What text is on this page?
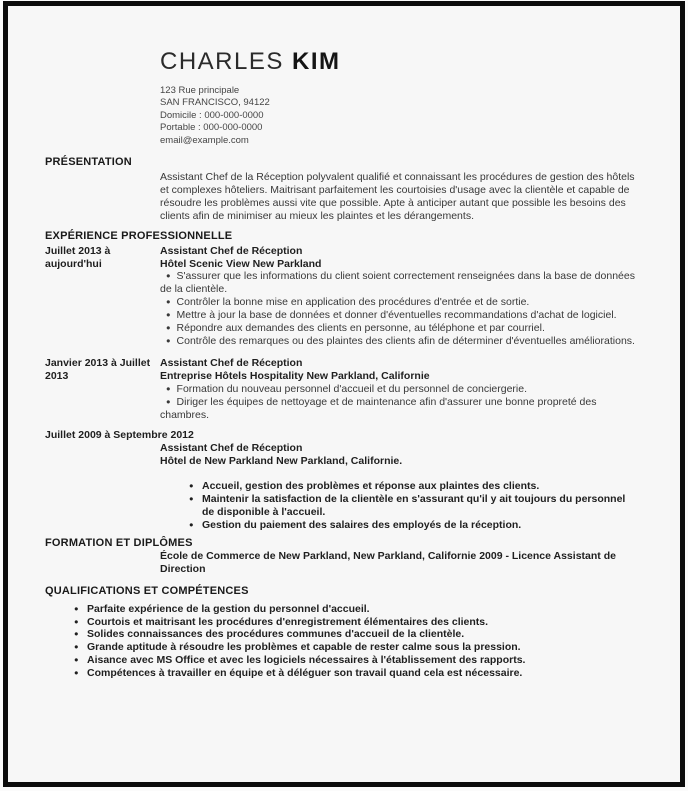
CHARLES KIM
123 Rue principale
SAN FRANCISCO, 94122
Domicile : 000-000-0000
Portable : 000-000-0000
email@example.com
PRÉSENTATION
Assistant Chef de la Réception polyvalent qualifié et connaissant les procédures de gestion des hôtels et complexes hôteliers. Maitrisant parfaitement les courtoisies d'usage avec la clientèle et capable de résoudre les problèmes aussi vite que possible. Apte à anticiper autant que possible les besoins des clients afin de minimiser au mieux les plaintes et les dérangements.
EXPÉRIENCE PROFESSIONNELLE
Juillet 2013 à aujourd'hui
Assistant Chef de Réception
Hôtel Scenic View New Parkland

● S'assurer que les informations du client soient correctement renseignées dans la base de données de la clientèle.

● Contrôler la bonne mise en application des procédures d'entrée et de sortie.

● Mettre à jour la base de données et donner d'éventuelles recommandations d'achat de logiciel.

● Répondre aux demandes des clients en personne, au téléphone et par courriel.

● Contrôle des remarques ou des plaintes des clients afin de déterminer d'éventuelles améliorations.

Janvier 2013 à Juillet 2013
Assistant Chef de Réception
Entreprise Hôtels Hospitality New Parkland, Californie

● Formation du nouveau personnel d'accueil et du personnel de conciergerie.

● Diriger les équipes de nettoyage et de maintenance afin d'assurer une bonne propreté des chambres.

Juillet 2009 à Septembre 2012
Assistant Chef de Réception
Hôtel de New Parkland New Parkland, Californie.

● Accueil, gestion des problèmes et réponse aux plaintes des clients.

● Maintenir la satisfaction de la clientèle en s'assurant qu'il y ait toujours du personnel de disponible à l'accueil.

● Gestion du paiement des salaires des employés de la réception.

FORMATION ET DIPLÔMES
École de Commerce de New Parkland, New Parkland, Californie 2009 - Licence Assistant de Direction
QUALIFICATIONS ET COMPÉTENCES

● Parfaite expérience de la gestion du personnel d'accueil.

● Courtois et maitrisant les procédures d'enregistrement élémentaires des clients.

● Solides connaissances des procédures communes d'accueil de la clientèle.

● Grande aptitude à résoudre les problèmes et capable de rester calme sous la pression.

● Aisance avec MS Office et avec les logiciels nécessaires à l'établissement des rapports.

● Compétences à travailler en équipe et à déléguer son travail quand cela est nécessaire.
